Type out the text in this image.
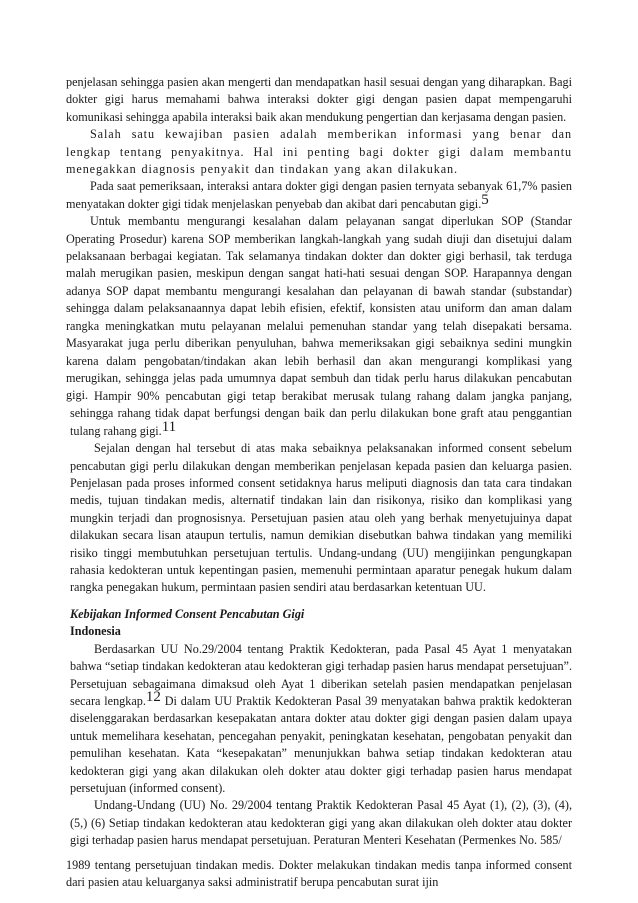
penjelasan sehingga pasien akan mengerti dan mendapatkan hasil sesuai dengan yang diharapkan. Bagi dokter gigi harus memahami bahwa interaksi dokter gigi dengan pasien dapat mempengaruhi komunikasi sehingga apabila interaksi baik akan mendukung pengertian dan kerjasama dengan pasien.

Salah satu kewajiban pasien adalah memberikan informasi yang benar dan lengkap tentang penyakitnya. Hal ini penting bagi dokter gigi dalam membantu menegakkan diagnosis penyakit dan tindakan yang akan dilakukan.

Pada saat pemeriksaan, interaksi antara dokter gigi dengan pasien ternyata sebanyak 61,7% pasien menyatakan dokter gigi tidak menjelaskan penyebab dan akibat dari pencabutan gigi.$^5$

Untuk membantu mengurangi kesalahan dalam pelayanan sangat diperlukan SOP (Standar Operating Prosedur) karena SOP memberikan langkah-langkah yang sudah diuji dan disetujui dalam pelaksanaan berbagai kegiatan. Tak selamanya tindakan dokter dan dokter gigi berhasil, tak terduga malah merugikan pasien, meskipun dengan sangat hati-hati sesuai dengan SOP. Harapannya dengan adanya SOP dapat membantu mengurangi kesalahan dan pelayanan di bawah standar (substandar) sehingga dalam pelaksanaannya dapat lebih efisien, efektif, konsisten atau uniform dan aman dalam rangka meningkatkan mutu pelayanan melalui pemenuhan standar yang telah disepakati bersama. Masyarakat juga perlu diberikan penyuluhan, bahwa memeriksakan gigi sebaiknya sedini mungkin karena dalam pengobatan/tindakan akan lebih berhasil dan akan mengurangi komplikasi yang merugikan, sehingga jelas pada umumnya dapat sembuh dan tidak perlu harus dilakukan pencabutan gigi. Hampir 90% pencabutan gigi tetap berakibat merusak tulang rahang dalam jangka panjang, sehingga rahang tidak dapat berfungsi dengan baik dan perlu dilakukan bone graft atau penggantian tulang rahang gigi.$^{11}$

Sejalan dengan hal tersebut di atas maka sebaiknya pelaksanakan informed consent sebelum pencabutan gigi perlu dilakukan dengan memberikan penjelasan kepada pasien dan keluarga pasien. Penjelasan pada proses informed consent setidaknya harus meliputi diagnosis dan tata cara tindakan medis, tujuan tindakan medis, alternatif tindakan lain dan risikonya, risiko dan komplikasi yang mungkin terjadi dan prognosisnya. Persetujuan pasien atau oleh yang berhak menyetujuinya dapat dilakukan secara lisan ataupun tertulis, namun demikian disebutkan bahwa tindakan yang memiliki risiko tinggi membutuhkan persetujuan tertulis. Undang-undang (UU) mengijinkan pengungkapan rahasia kedokteran untuk kepentingan pasien, memenuhi permintaan aparatur penegak hukum dalam rangka penegakan hukum, permintaan pasien sendiri atau berdasarkan ketentuan UU.

Kebijakan Informed Consent Pencabutan Gigi
Indonesia

Berdasarkan UU No.29/2004 tentang Praktik Kedokteran, pada Pasal 45 Ayat 1 menyatakan bahwa “setiap tindakan kedokteran atau kedokteran gigi terhadap pasien harus mendapat persetujuan”. Persetujuan sebagaimana dimaksud oleh Ayat 1 diberikan setelah pasien mendapatkan penjelasan secara lengkap.$^{12}$ Di dalam UU Praktik Kedokteran Pasal 39 menyatakan bahwa praktik kedokteran diselenggarakan berdasarkan kesepakatan antara dokter atau dokter gigi dengan pasien dalam upaya untuk memelihara kesehatan, pencegahan penyakit, peningkatan kesehatan, pengobatan penyakit dan pemulihan kesehatan. Kata “kesepakatan” menunjukkan bahwa setiap tindakan kedokteran atau kedokteran gigi yang akan dilakukan oleh dokter atau dokter gigi terhadap pasien harus mendapat persetujuan (informed consent).

Undang-Undang (UU) No. 29/2004 tentang Praktik Kedokteran Pasal 45 Ayat (1), (2), (3), (4), (5,) (6) Setiap tindakan kedokteran atau kedokteran gigi yang akan dilakukan oleh dokter atau dokter gigi terhadap pasien harus mendapat persetujuan. Peraturan Menteri Kesehatan (Permenkes No. 585/

1989 tentang persetujuan tindakan medis. Dokter melakukan tindakan medis tanpa informed consent dari pasien atau keluarganya saksi administratif berupa pencabutan surat ijin
